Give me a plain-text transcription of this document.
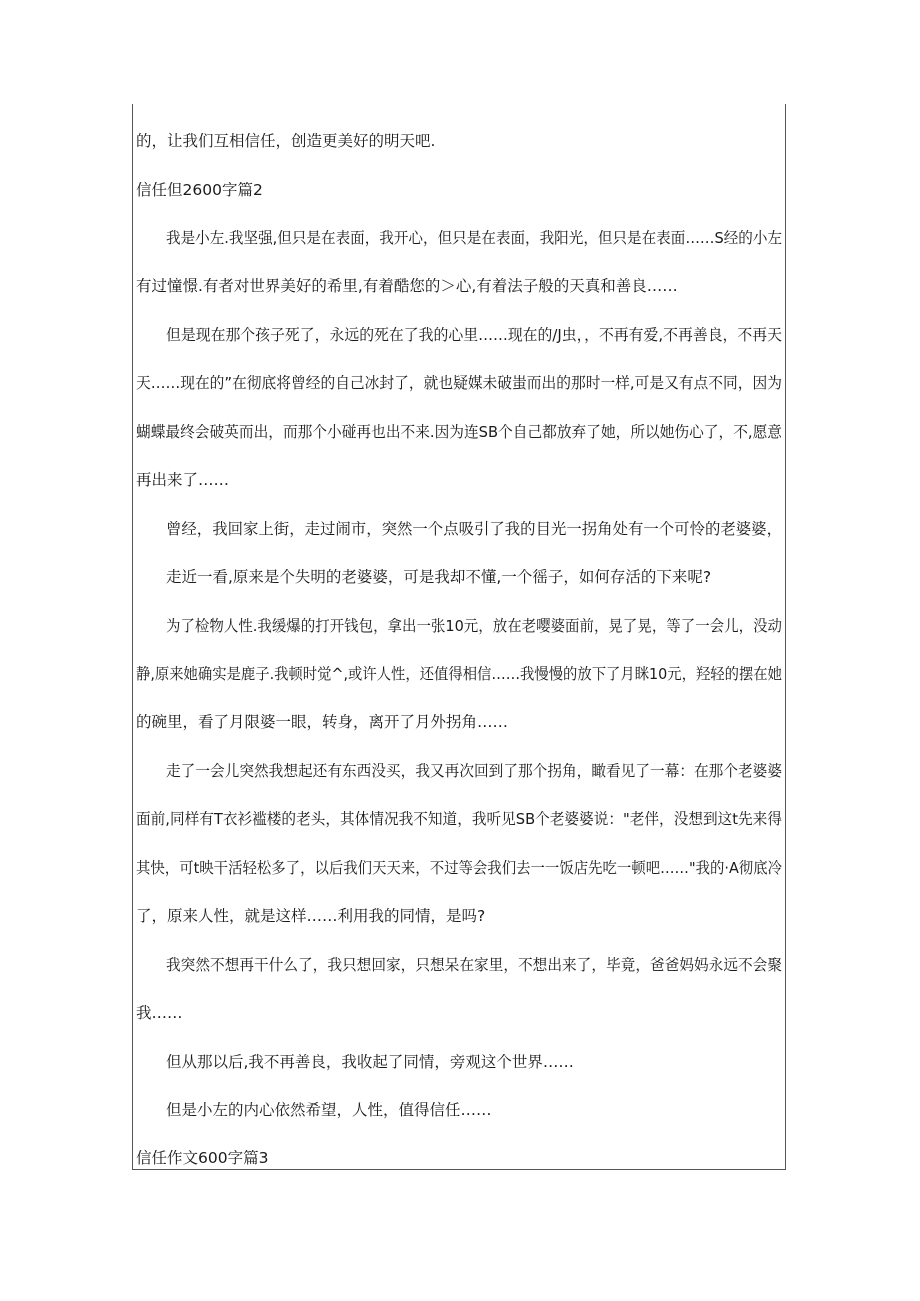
的，让我们互相信任，创造更美好的明天吧.
信任但2600字篇2
我是小左.我坚强,但只是在表面，我开心，但只是在表面，我阳光，但只是在表面……S经的小左
有过憧憬.有者对世界美好的希里,有着酷您的＞心,有着法子般的天真和善良……
但是现在那个孩子死了，永远的死在了我的心里……现在的/J虫，，不再有爱,不再善良，不再天
天……现在的”在彻底将曾经的自己冰封了，就也疑媒未破蚩而出的那时一样,可是又有点不同，因为
蝴蝶最终会破英而出，而那个小碰再也出不来.因为连SB个自己都放弃了她，所以她伤心了，不,愿意
再出来了……
曾经，我回家上街，走过闹市，突然一个点吸引了我的目光一拐角处有一个可怜的老婆婆，
走近一看,原来是个失明的老婆婆，可是我却不懂,一个徭子，如何存活的下来呢?
为了检物人性.我缓爆的打开钱包，拿出一张10元，放在老嘤婆面前，晃了晃，等了一会儿，没动
静,原来她确实是鹿子.我顿时觉^,或许人性，还值得相信……我慢慢的放下了月眯10元，羟轻的摆在她
的碗里，看了月限婆一眼，转身，离开了月外拐角……
走了一会儿突然我想起还有东西没买，我又再次回到了那个拐角，瞰看见了一幕：在那个老婆婆
面前,同样有T衣衫褴楼的老头，其体情况我不知道，我听见SB个老婆婆说："老伴，没想到这t先来得
其快，可t映干活轻松多了，以后我们天天来，不过等会我们去一一饭店先吃一顿吧……"我的·A彻底冷
了，原来人性，就是这样……利用我的同情，是吗?
我突然不想再干什么了，我只想回家，只想呆在家里，不想出来了，毕竟，爸爸妈妈永远不会聚
我……
但从那以后,我不再善良，我收起了同情，旁观这个世界……
但是小左的内心依然希望，人性，值得信任……
信任作文600字篇3
